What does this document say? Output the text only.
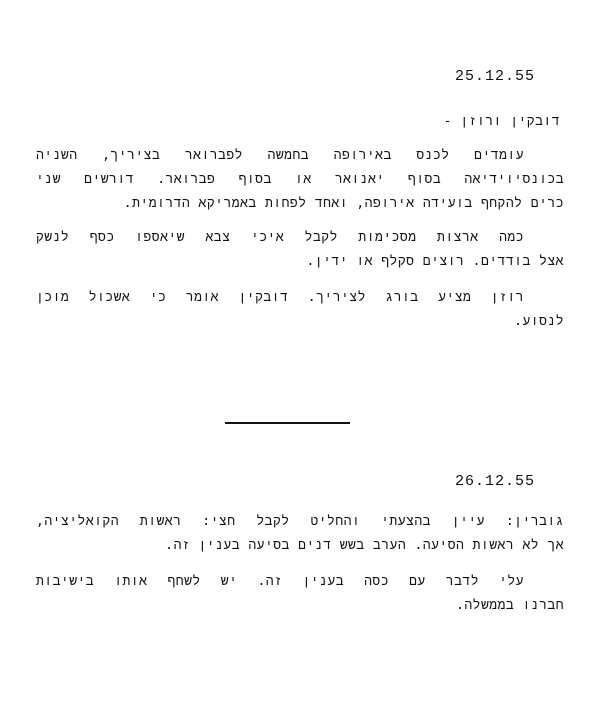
25.12.55
דובקין ורוזן -
עומדים לכנס באירופה בחמשה לפברואר בציריך, השניה
בכונסיוידיאה בסוף יאנואר או בסוף פברואר. דורשים שני
כרים להקחף בועידה אירופה, ואחד לפחות באמריקא הדרומית.
כמה ארצות מסכימות לקבל איכי צבא שיאספו כסף לנשק
אצל בודדים. רוצים סקלף או ידין.
רוזן מציע בורג לציריך. דובקין אומר כי אשכול מוכן
לנסוע.
26.12.55
גוברין: עיין בהצעתי והחליט לקבל חצי: ראשות הקואליציה,
אך לא ראשות הסיעה. הערב בשש דנים בסיעה בענין זה.
עלי לדבר עם כסה בענין זה. יש לשחף אותו בישיבות
חברנו בממשלה.
